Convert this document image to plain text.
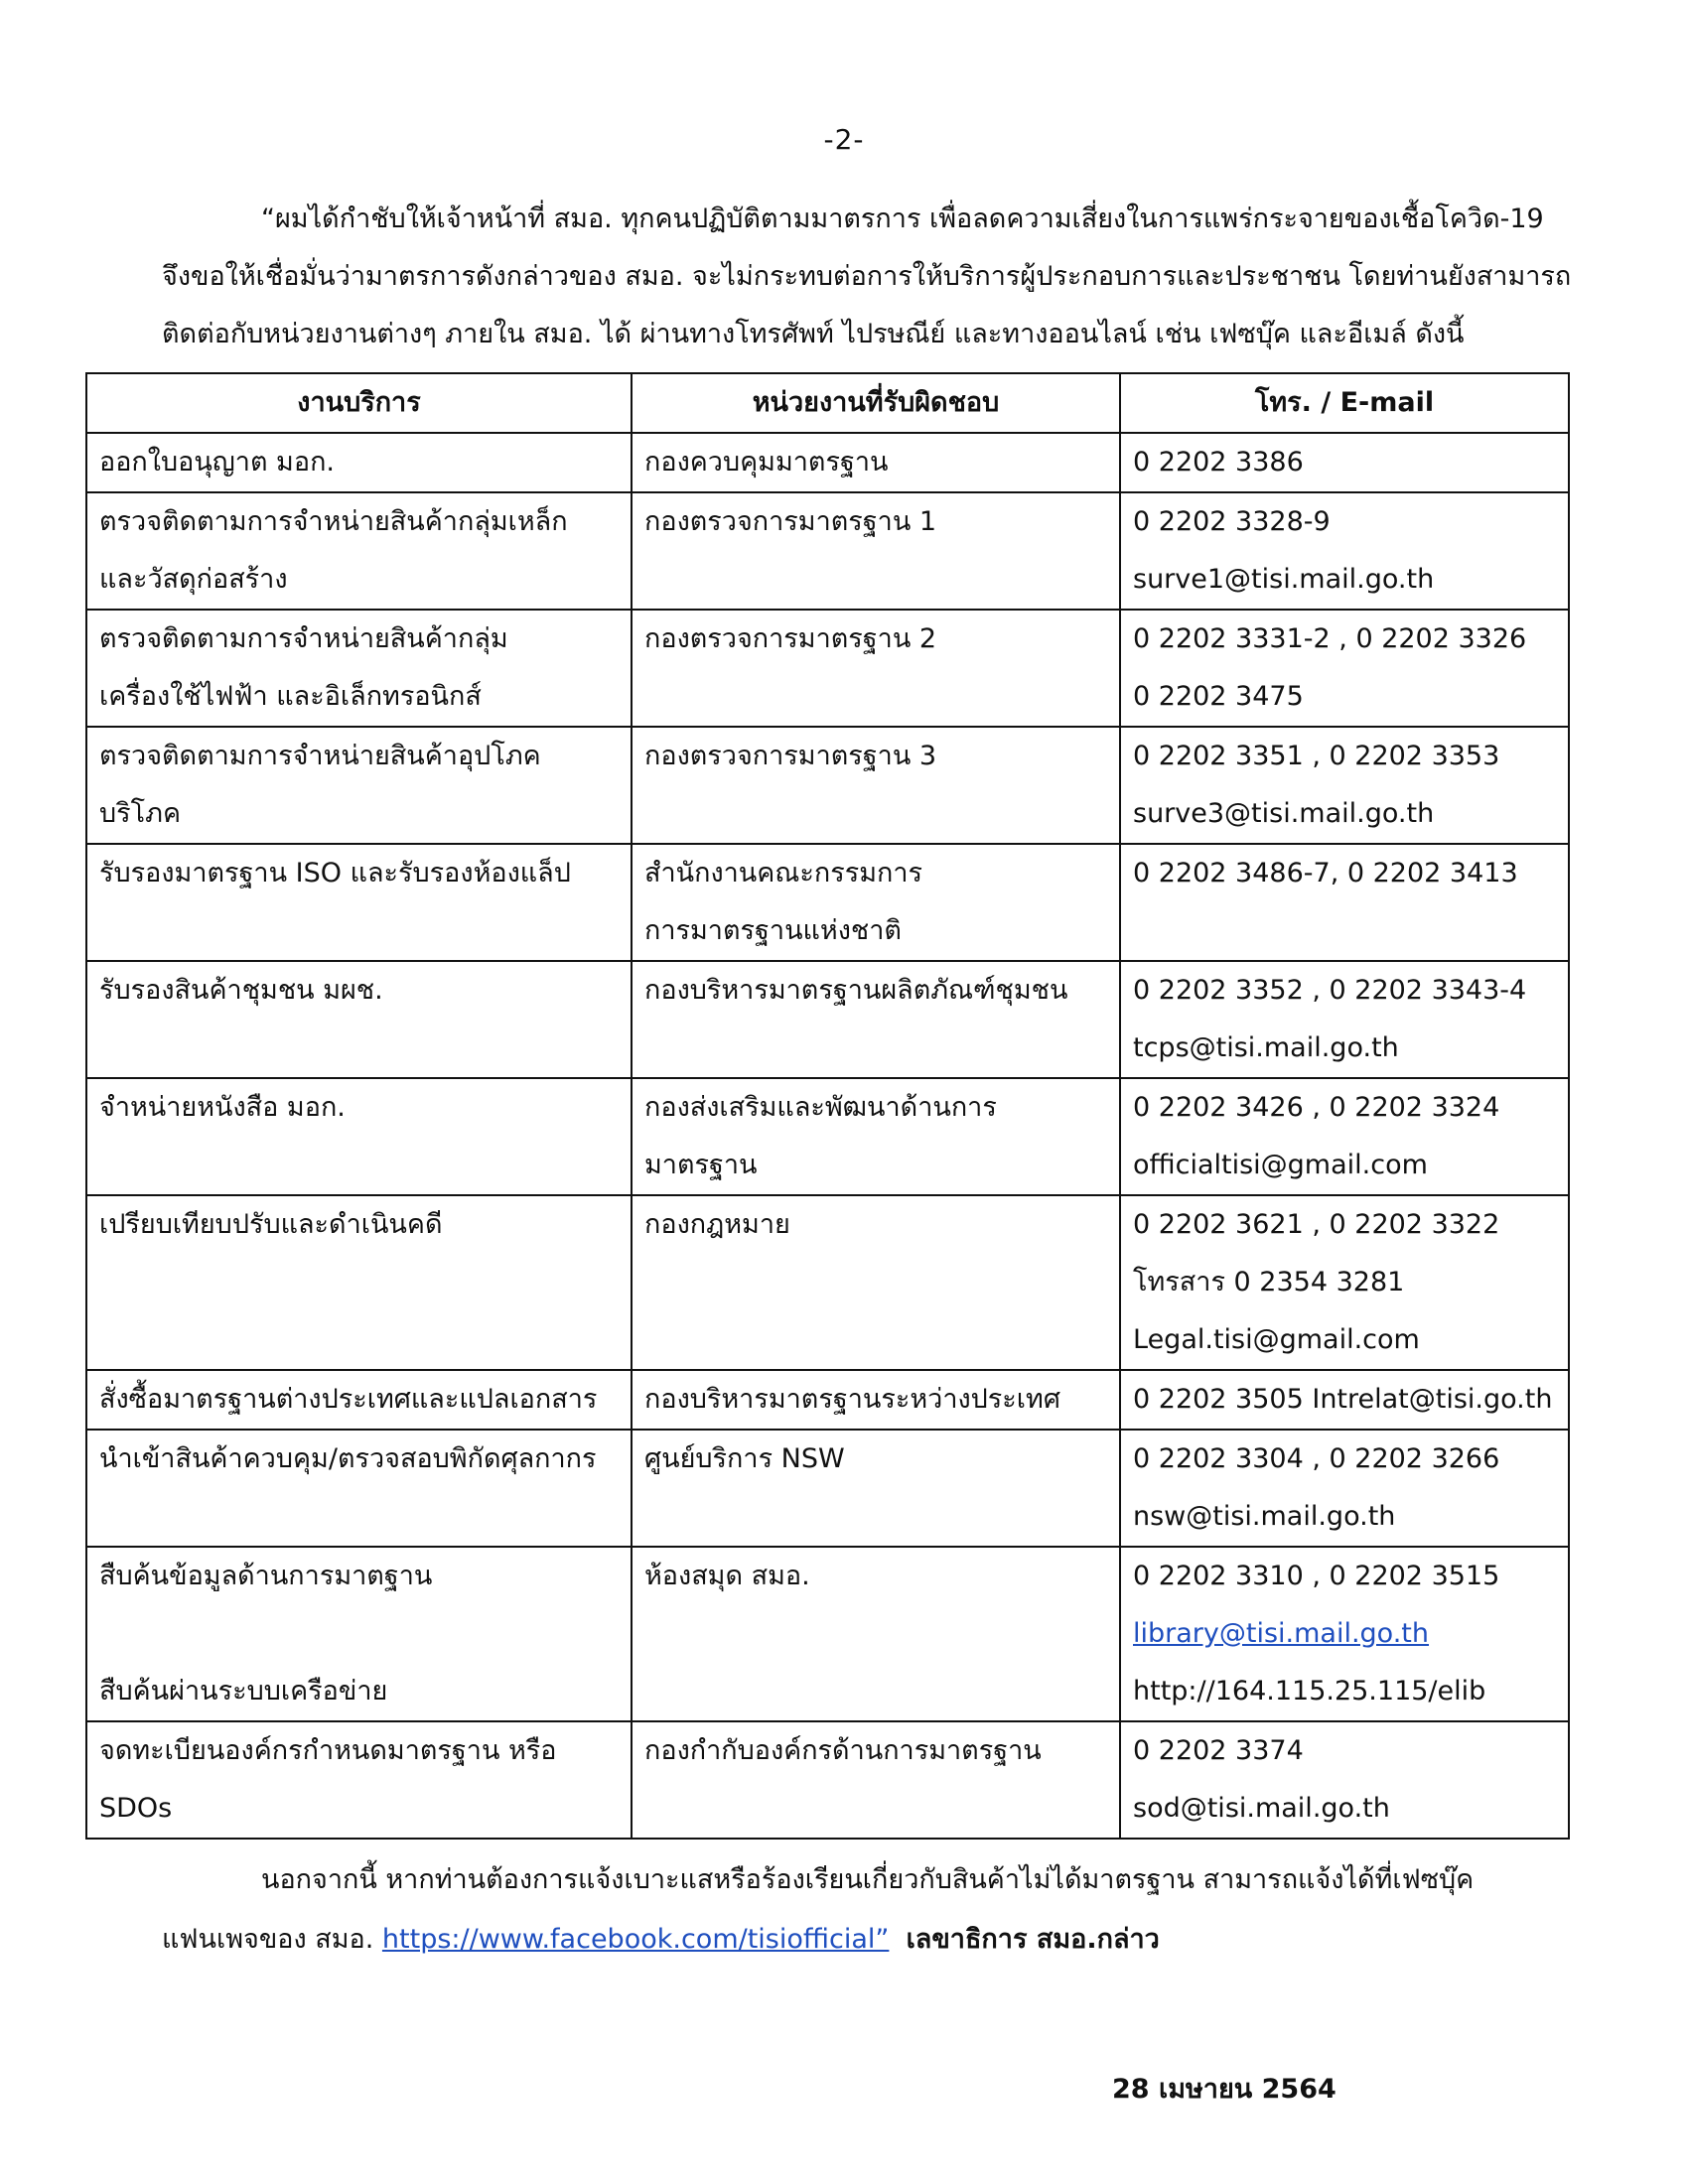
-2-
“ผมได้กำชับให้เจ้าหน้าที่ สมอ. ทุกคนปฏิบัติตามมาตรการ เพื่อลดความเสี่ยงในการแพร่กระจายของเชื้อโควิด-19
จึงขอให้เชื่อมั่นว่ามาตรการดังกล่าวของ สมอ. จะไม่กระทบต่อการให้บริการผู้ประกอบการและประชาชน โดยท่านยังสามารถ
ติดต่อกับหน่วยงานต่างๆ ภายใน สมอ. ได้ ผ่านทางโทรศัพท์ ไปรษณีย์ และทางออนไลน์ เช่น เฟซบุ๊ค และอีเมล์ ดังนี้
งานบริการ	หน่วยงานที่รับผิดชอบ	โทร. / E-mail

ออกใบอนุญาต มอก.	กองควบคุมมาตรฐาน	0 2202 3386

ตรวจติดตามการจำหน่ายสินค้ากลุ่มเหล็ก
และวัสดุก่อสร้าง	กองตรวจการมาตรฐาน 1	0 2202 3328-9
surve1@tisi.mail.go.th

ตรวจติดตามการจำหน่ายสินค้ากลุ่ม
เครื่องใช้ไฟฟ้า และอิเล็กทรอนิกส์	กองตรวจการมาตรฐาน 2	0 2202 3331-2 , 0 2202 3326
0 2202 3475

ตรวจติดตามการจำหน่ายสินค้าอุปโภค
บริโภค	กองตรวจการมาตรฐาน 3	0 2202 3351 , 0 2202 3353
surve3@tisi.mail.go.th

รับรองมาตรฐาน ISO และรับรองห้องแล็ป	สำนักงานคณะกรรมการ
การมาตรฐานแห่งชาติ	0 2202 3486-7, 0 2202 3413

รับรองสินค้าชุมชน มผช.	กองบริหารมาตรฐานผลิตภัณฑ์ชุมชน	0 2202 3352 , 0 2202 3343-4
tcps@tisi.mail.go.th

จำหน่ายหนังสือ มอก.	กองส่งเสริมและพัฒนาด้านการ
มาตรฐาน	0 2202 3426 , 0 2202 3324
officialtisi@gmail.com

เปรียบเทียบปรับและดำเนินคดี	กองกฎหมาย	0 2202 3621 , 0 2202 3322
โทรสาร 0 2354 3281
Legal.tisi@gmail.com

สั่งซื้อมาตรฐานต่างประเทศและแปลเอกสาร	กองบริหารมาตรฐานระหว่างประเทศ	0 2202 3505 Intrelat@tisi.go.th

นำเข้าสินค้าควบคุม/ตรวจสอบพิกัดศุลกากร	ศูนย์บริการ NSW	0 2202 3304 , 0 2202 3266
nsw@tisi.mail.go.th

สืบค้นข้อมูลด้านการมาตฐาน
สืบค้นผ่านระบบเครือข่าย	ห้องสมุด สมอ.	0 2202 3310 , 0 2202 3515
library@tisi.mail.go.th
http://164.115.25.115/elib

จดทะเบียนองค์กรกำหนดมาตรฐาน หรือ
SDOs	กองกำกับองค์กรด้านการมาตรฐาน	0 2202 3374
sod@tisi.mail.go.th
นอกจากนี้ หากท่านต้องการแจ้งเบาะแสหรือร้องเรียนเกี่ยวกับสินค้าไม่ได้มาตรฐาน สามารถแจ้งได้ที่เฟซบุ๊ค
แฟนเพจของ สมอ. https://www.facebook.com/tisiofficial” เลขาธิการ สมอ.กล่าว
28 เมษายน 2564
